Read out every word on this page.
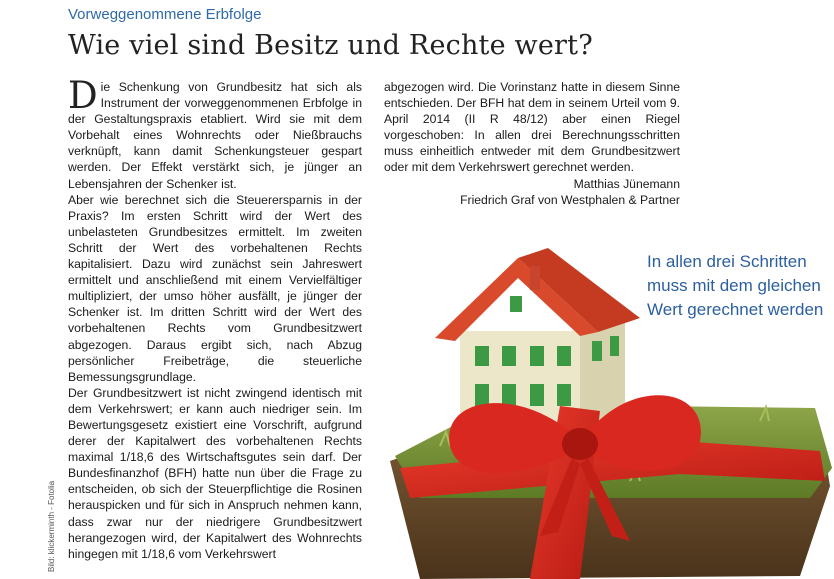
Vorweggenommene Erbfolge
Wie viel sind Besitz und Rechte wert?

Die Schenkung von Grundbesitz hat sich als Instrument der vorweggenommenen Erbfolge in der Gestaltungspraxis etabliert. Wird sie mit dem Vorbehalt eines Wohnrechts oder Nießbrauchs verknüpft, kann damit Schenkungsteuer gespart werden. Der Effekt verstärkt sich, je jünger an Lebensjahren der Schenker ist.

Aber wie berechnet sich die Steuerersparnis in der Praxis? Im ersten Schritt wird der Wert des unbelasteten Grundbesitzes ermittelt. Im zweiten Schritt der Wert des vorbehaltenen Rechts kapitalisiert. Dazu wird zunächst sein Jahreswert ermittelt und anschließend mit einem Vervielfältiger multipliziert, der umso höher ausfällt, je jünger der Schenker ist. Im dritten Schritt wird der Wert des vorbehaltenen Rechts vom Grundbesitzwert abgezogen. Daraus ergibt sich, nach Abzug persönlicher Freibeträge, die steuerliche Bemessungsgrundlage.

Der Grundbesitzwert ist nicht zwingend identisch mit dem Verkehrswert; er kann auch niedriger sein. Im Bewertungsgesetz existiert eine Vorschrift, aufgrund derer der Kapitalwert des vorbehaltenen Rechts maximal 1/18,6 des Wirtschaftsgutes sein darf. Der Bundesfinanzhof (BFH) hatte nun über die Frage zu entscheiden, ob sich der Steuerpflichtige die Rosinen herauspicken und für sich in Anspruch nehmen kann, dass zwar nur der niedrigere Grundbesitzwert herangezogen wird, der Kapitalwert des Wohnrechts hingegen mit 1/18,6 vom Verkehrswert

abgezogen wird. Die Vorinstanz hatte in diesem Sinne entschieden. Der BFH hat dem in seinem Urteil vom 9. April 2014 (II R 48/12) aber einen Riegel vorgeschoben: In allen drei Berechnungsschritten muss einheitlich entweder mit dem Grundbesitzwert oder mit dem Verkehrswert gerechnet werden.

Matthias Jünemann

Friedrich Graf von Westphalen & Partner

Bild: klickerminth - Fotolia

In allen drei Schritten muss mit dem gleichen Wert gerechnet werden
